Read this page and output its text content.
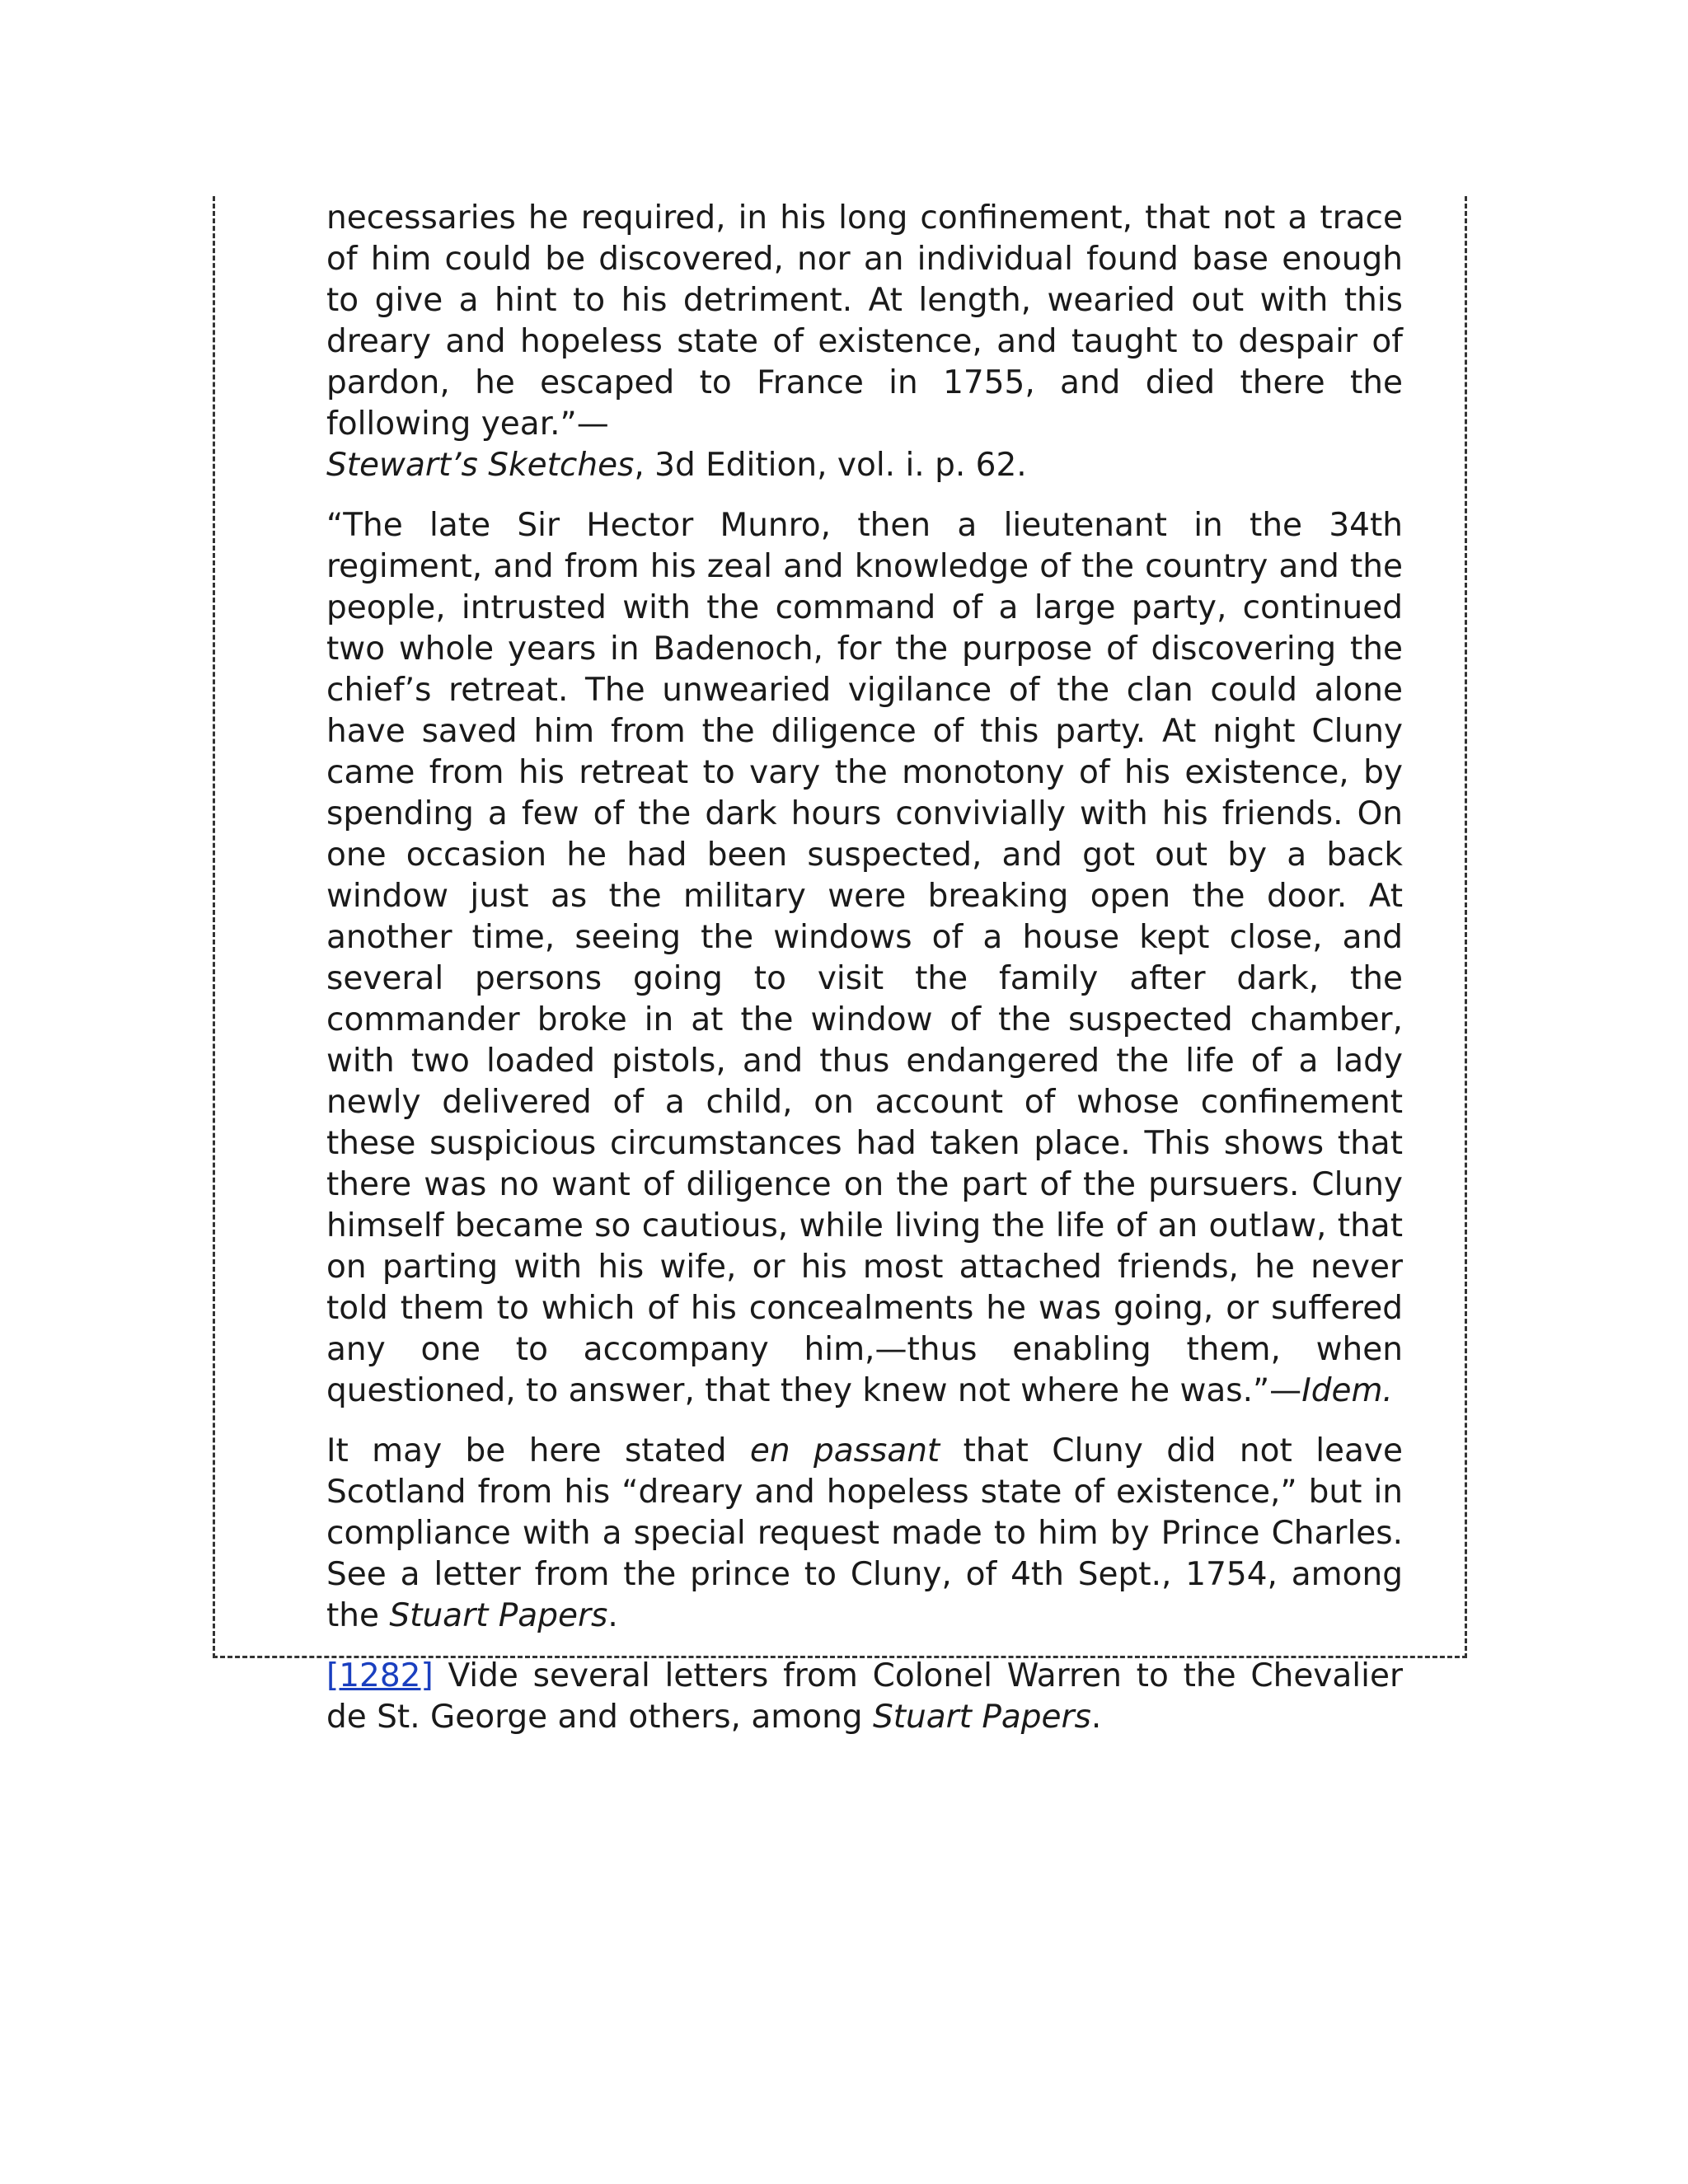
necessaries he required, in his long confinement, that not a trace of him could be discovered, nor an individual found base enough to give a hint to his detriment. At length, wearied out with this dreary and hopeless state of existence, and taught to despair of pardon, he escaped to France in 1755, and died there the following year.”—
Stewart’s Sketches, 3d Edition, vol. i. p. 62.

“The late Sir Hector Munro, then a lieutenant in the 34th regiment, and from his zeal and knowledge of the country and the people, intrusted with the command of a large party, continued two whole years in Badenoch, for the purpose of discovering the chief’s retreat. The unwearied vigilance of the clan could alone have saved him from the diligence of this party. At night Cluny came from his retreat to vary the monotony of his existence, by spending a few of the dark hours convivially with his friends. On one occasion he had been suspected, and got out by a back window just as the military were breaking open the door. At another time, seeing the windows of a house kept close, and several persons going to visit the family after dark, the commander broke in at the window of the suspected chamber, with two loaded pistols, and thus endangered the life of a lady newly delivered of a child, on account of whose confinement these suspicious circumstances had taken place. This shows that there was no want of diligence on the part of the pursuers. Cluny himself became so cautious, while living the life of an outlaw, that on parting with his wife, or his most attached friends, he never told them to which of his concealments he was going, or suffered any one to accompany him,—thus enabling them, when questioned, to answer, that they knew not where he was.”—Idem.

It may be here stated en passant that Cluny did not leave Scotland from his “dreary and hopeless state of existence,” but in compliance with a special request made to him by Prince Charles. See a letter from the prince to Cluny, of 4th Sept., 1754, among the Stuart Papers.

[1282] Vide several letters from Colonel Warren to the Chevalier de St. George and others, among Stuart Papers.
